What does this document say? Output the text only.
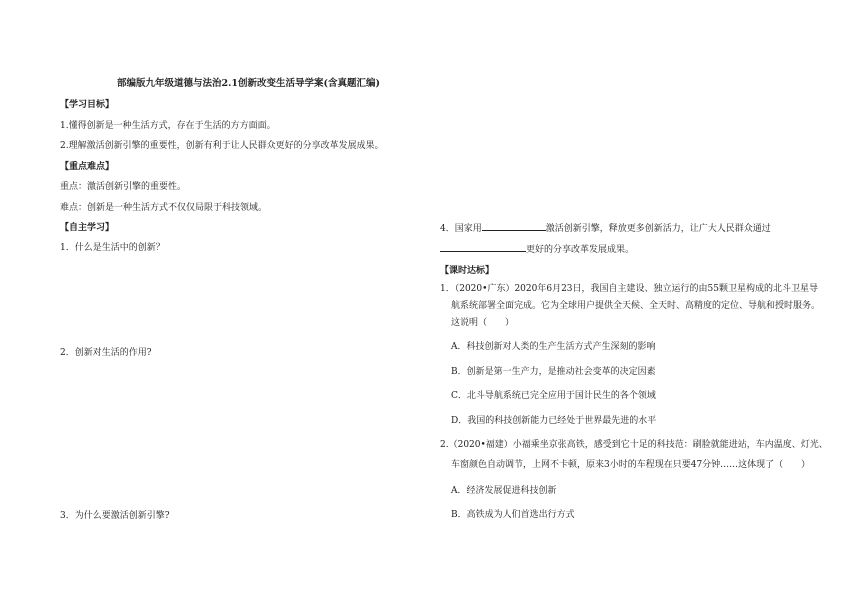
部编版九年级道德与法治2.1创新改变生活导学案(含真题汇编)
【学习目标】
1.懂得创新是一种生活方式，存在于生活的方方面面。
2.理解激活创新引擎的重要性，创新有利于让人民群众更好的分享改革发展成果。
【重点难点】
重点：激活创新引擎的重要性。
难点：创新是一种生活方式不仅仅局限于科技领域。
【自主学习】
1．什么是生活中的创新？
2．创新对生活的作用?
3．为什么要激活创新引擎?
4．国家用	激活创新引擎，释放更多创新活力，让广大人民群众通过
更好的分享改革发展成果。
【课时达标】
1．（2020•广东）2020年6月23日，我国自主建设、独立运行的由55颗卫星构成的北斗卫星导
航系统部署全面完成。它为全球用户提供全天候、全天时、高精度的定位、导航和授时服务。
这说明（　　）
A．科技创新对人类的生产生活方式产生深刻的影响
B．创新是第一生产力，是推动社会变革的决定因素
C．北斗导航系统已完全应用于国计民生的各个领域
D．我国的科技创新能力已经处于世界最先进的水平
2.（2020•福建）小福乘坐京张高铁，感受到它十足的科技范：刷脸就能进站，车内温度、灯光、
车窗颜色自动调节，上网不卡顿，原来3小时的车程现在只要47分钟……这体现了（　　）
A．经济发展促进科技创新
B．高铁成为人们首选出行方式
